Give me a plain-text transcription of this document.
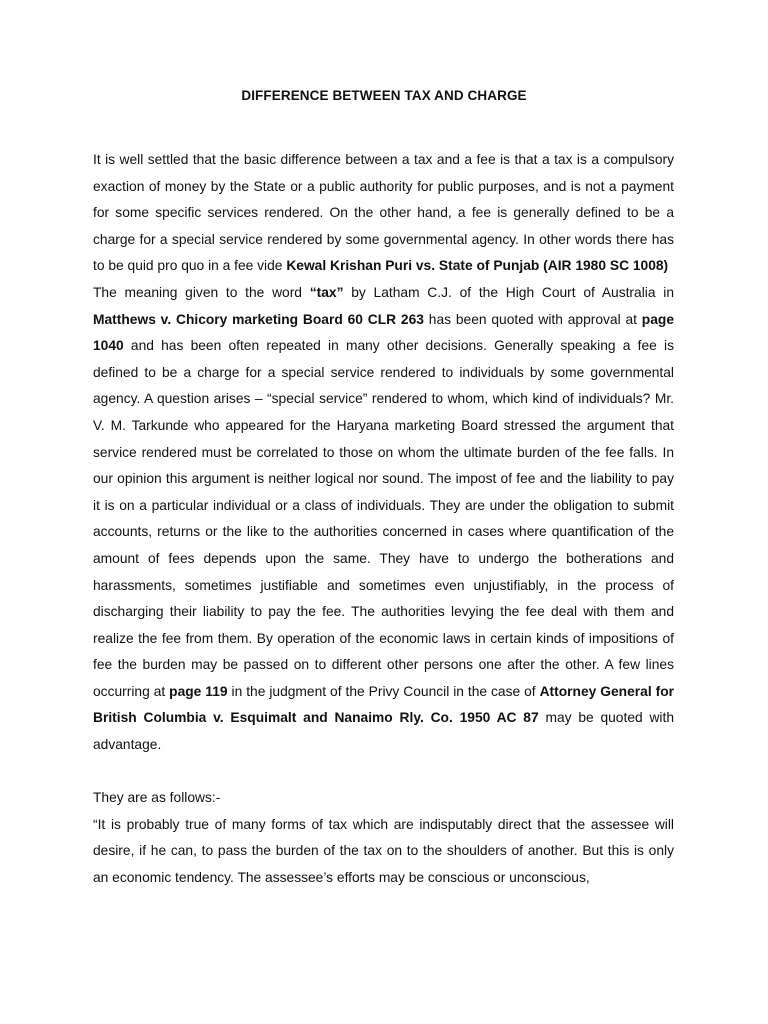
DIFFERENCE BETWEEN TAX AND CHARGE

It is well settled that the basic difference between a tax and a fee is that a tax is a compulsory exaction of money by the State or a public authority for public purposes, and is not a payment for some specific services rendered. On the other hand, a fee is generally defined to be a charge for a special service rendered by some governmental agency. In other words there has to be quid pro quo in a fee vide Kewal Krishan Puri vs. State of Punjab (AIR 1980 SC 1008)

The meaning given to the word “tax” by Latham C.J. of the High Court of Australia in Matthews v. Chicory marketing Board 60 CLR 263 has been quoted with approval at page 1040 and has been often repeated in many other decisions. Generally speaking a fee is defined to be a charge for a special service rendered to individuals by some governmental agency. A question arises – “special service” rendered to whom, which kind of individuals? Mr. V. M. Tarkunde who appeared for the Haryana marketing Board stressed the argument that service rendered must be correlated to those on whom the ultimate burden of the fee falls. In our opinion this argument is neither logical nor sound. The impost of fee and the liability to pay it is on a particular individual or a class of individuals. They are under the obligation to submit accounts, returns or the like to the authorities concerned in cases where quantification of the amount of fees depends upon the same. They have to undergo the botherations and harassments, sometimes justifiable and sometimes even unjustifiably, in the process of discharging their liability to pay the fee. The authorities levying the fee deal with them and realize the fee from them. By operation of the economic laws in certain kinds of impositions of fee the burden may be passed on to different other persons one after the other. A few lines occurring at page 119 in the judgment of the Privy Council in the case of Attorney General for British Columbia v. Esquimalt and Nanaimo Rly. Co. 1950 AC 87 may be quoted with advantage.

They are as follows:-

“It is probably true of many forms of tax which are indisputably direct that the assessee will desire, if he can, to pass the burden of the tax on to the shoulders of another. But this is only an economic tendency. The assessee’s efforts may be conscious or unconscious,
